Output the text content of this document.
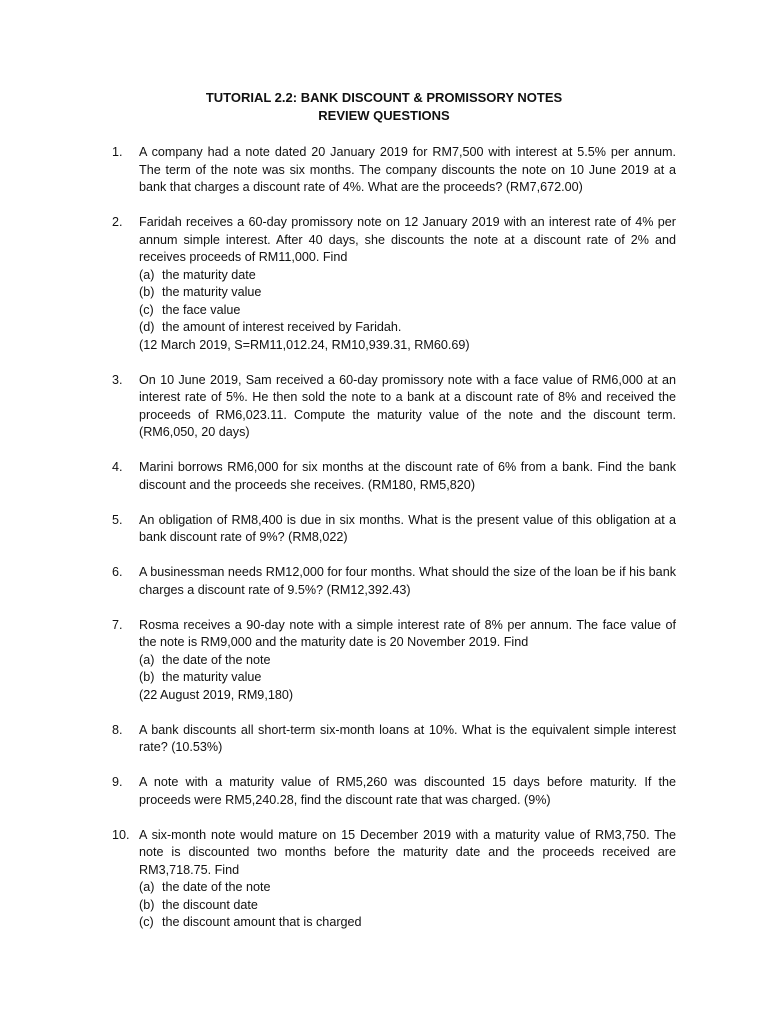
TUTORIAL 2.2: BANK DISCOUNT & PROMISSORY NOTES
REVIEW QUESTIONS
1.	A company had a note dated 20 January 2019 for RM7,500 with interest at 5.5% per annum. The term of the note was six months. The company discounts the note on 10 June 2019 at a bank that charges a discount rate of 4%. What are the proceeds? (RM7,672.00)
2.	Faridah receives a 60-day promissory note on 12 January 2019 with an interest rate of 4% per annum simple interest. After 40 days, she discounts the note at a discount rate of 2% and receives proceeds of RM11,000. Find
(a) the maturity date
(b) the maturity value
(c) the face value
(d) the amount of interest received by Faridah.
(12 March 2019, S=RM11,012.24, RM10,939.31, RM60.69)
3.	On 10 June 2019, Sam received a 60-day promissory note with a face value of RM6,000 at an interest rate of 5%. He then sold the note to a bank at a discount rate of 8% and received the proceeds of RM6,023.11. Compute the maturity value of the note and the discount term. (RM6,050, 20 days)
4.	Marini borrows RM6,000 for six months at the discount rate of 6% from a bank. Find the bank discount and the proceeds she receives. (RM180, RM5,820)
5.	An obligation of RM8,400 is due in six months. What is the present value of this obligation at a bank discount rate of 9%? (RM8,022)
6.	A businessman needs RM12,000 for four months. What should the size of the loan be if his bank charges a discount rate of 9.5%? (RM12,392.43)
7.	Rosma receives a 90-day note with a simple interest rate of 8% per annum. The face value of the note is RM9,000 and the maturity date is 20 November 2019. Find
(a) the date of the note
(b) the maturity value
(22 August 2019, RM9,180)
8.	A bank discounts all short-term six-month loans at 10%. What is the equivalent simple interest rate? (10.53%)
9.	A note with a maturity value of RM5,260 was discounted 15 days before maturity. If the proceeds were RM5,240.28, find the discount rate that was charged. (9%)
10. A six-month note would mature on 15 December 2019 with a maturity value of RM3,750. The note is discounted two months before the maturity date and the proceeds received are RM3,718.75. Find
(a) the date of the note
(b) the discount date
(c) the discount amount that is charged
